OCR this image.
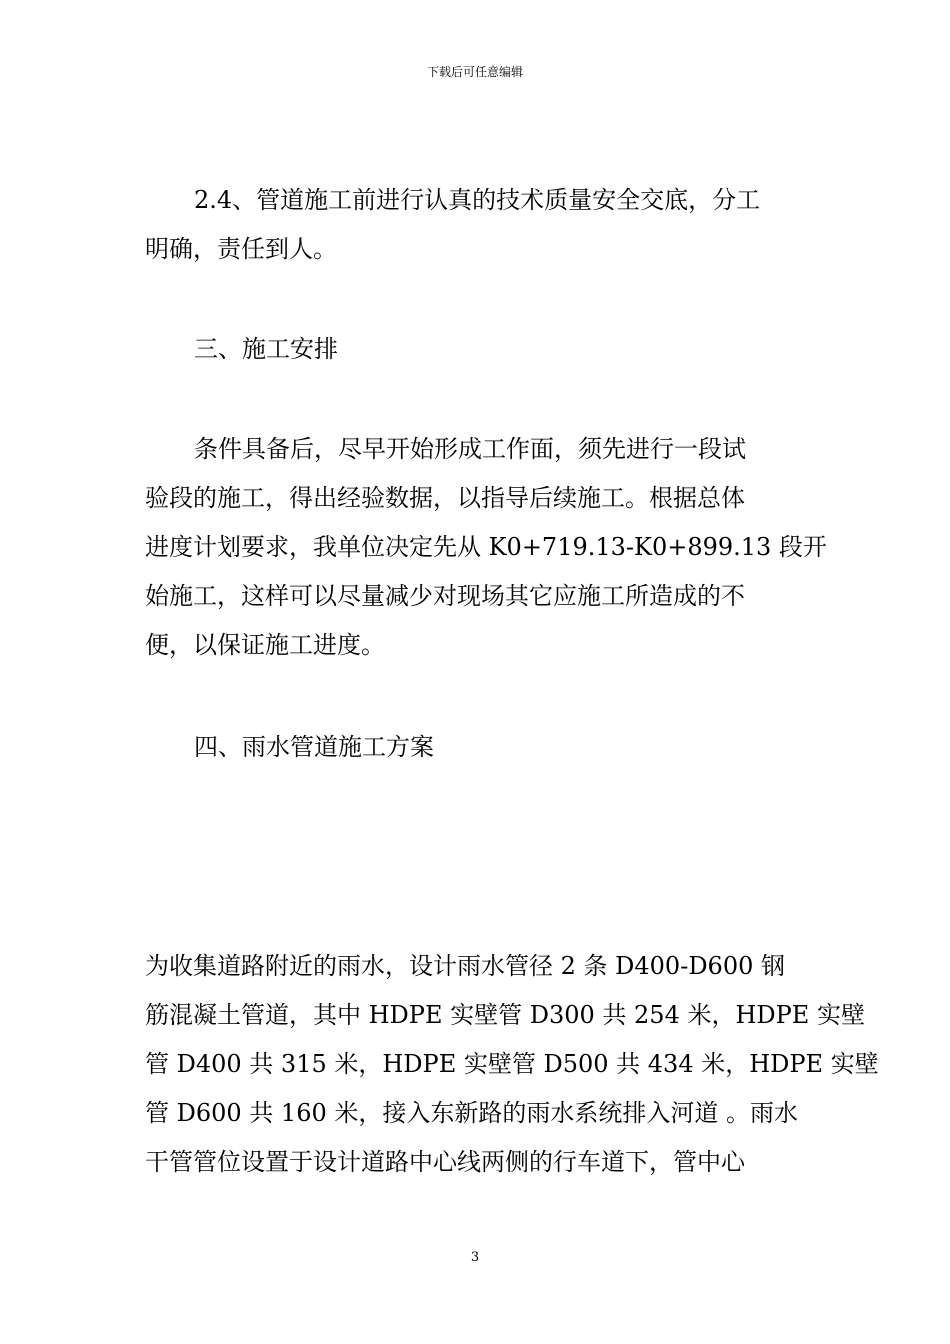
下载后可任意编辑
2.4、管道施工前进行认真的技术质量安全交底，分工
明确，责任到人。
三、施工安排
条件具备后，尽早开始形成工作面，须先进行一段试
验段的施工，得出经验数据，以指导后续施工。根据总体
进度计划要求，我单位决定先从 K0+719.13-K0+899.13 段开
始施工，这样可以尽量减少对现场其它应施工所造成的不
便，以保证施工进度。
四、雨水管道施工方案
为收集道路附近的雨水，设计雨水管径 2 条 D400-D600 钢
筋混凝土管道，其中 HDPE 实壁管 D300 共 254 米，HDPE 实壁
管 D400 共 315 米，HDPE 实壁管 D500 共 434 米，HDPE 实壁
管 D600 共 160 米，接入东新路的雨水系统排入河道 。雨水
干管管位设置于设计道路中心线两侧的行车道下，管中心
3
